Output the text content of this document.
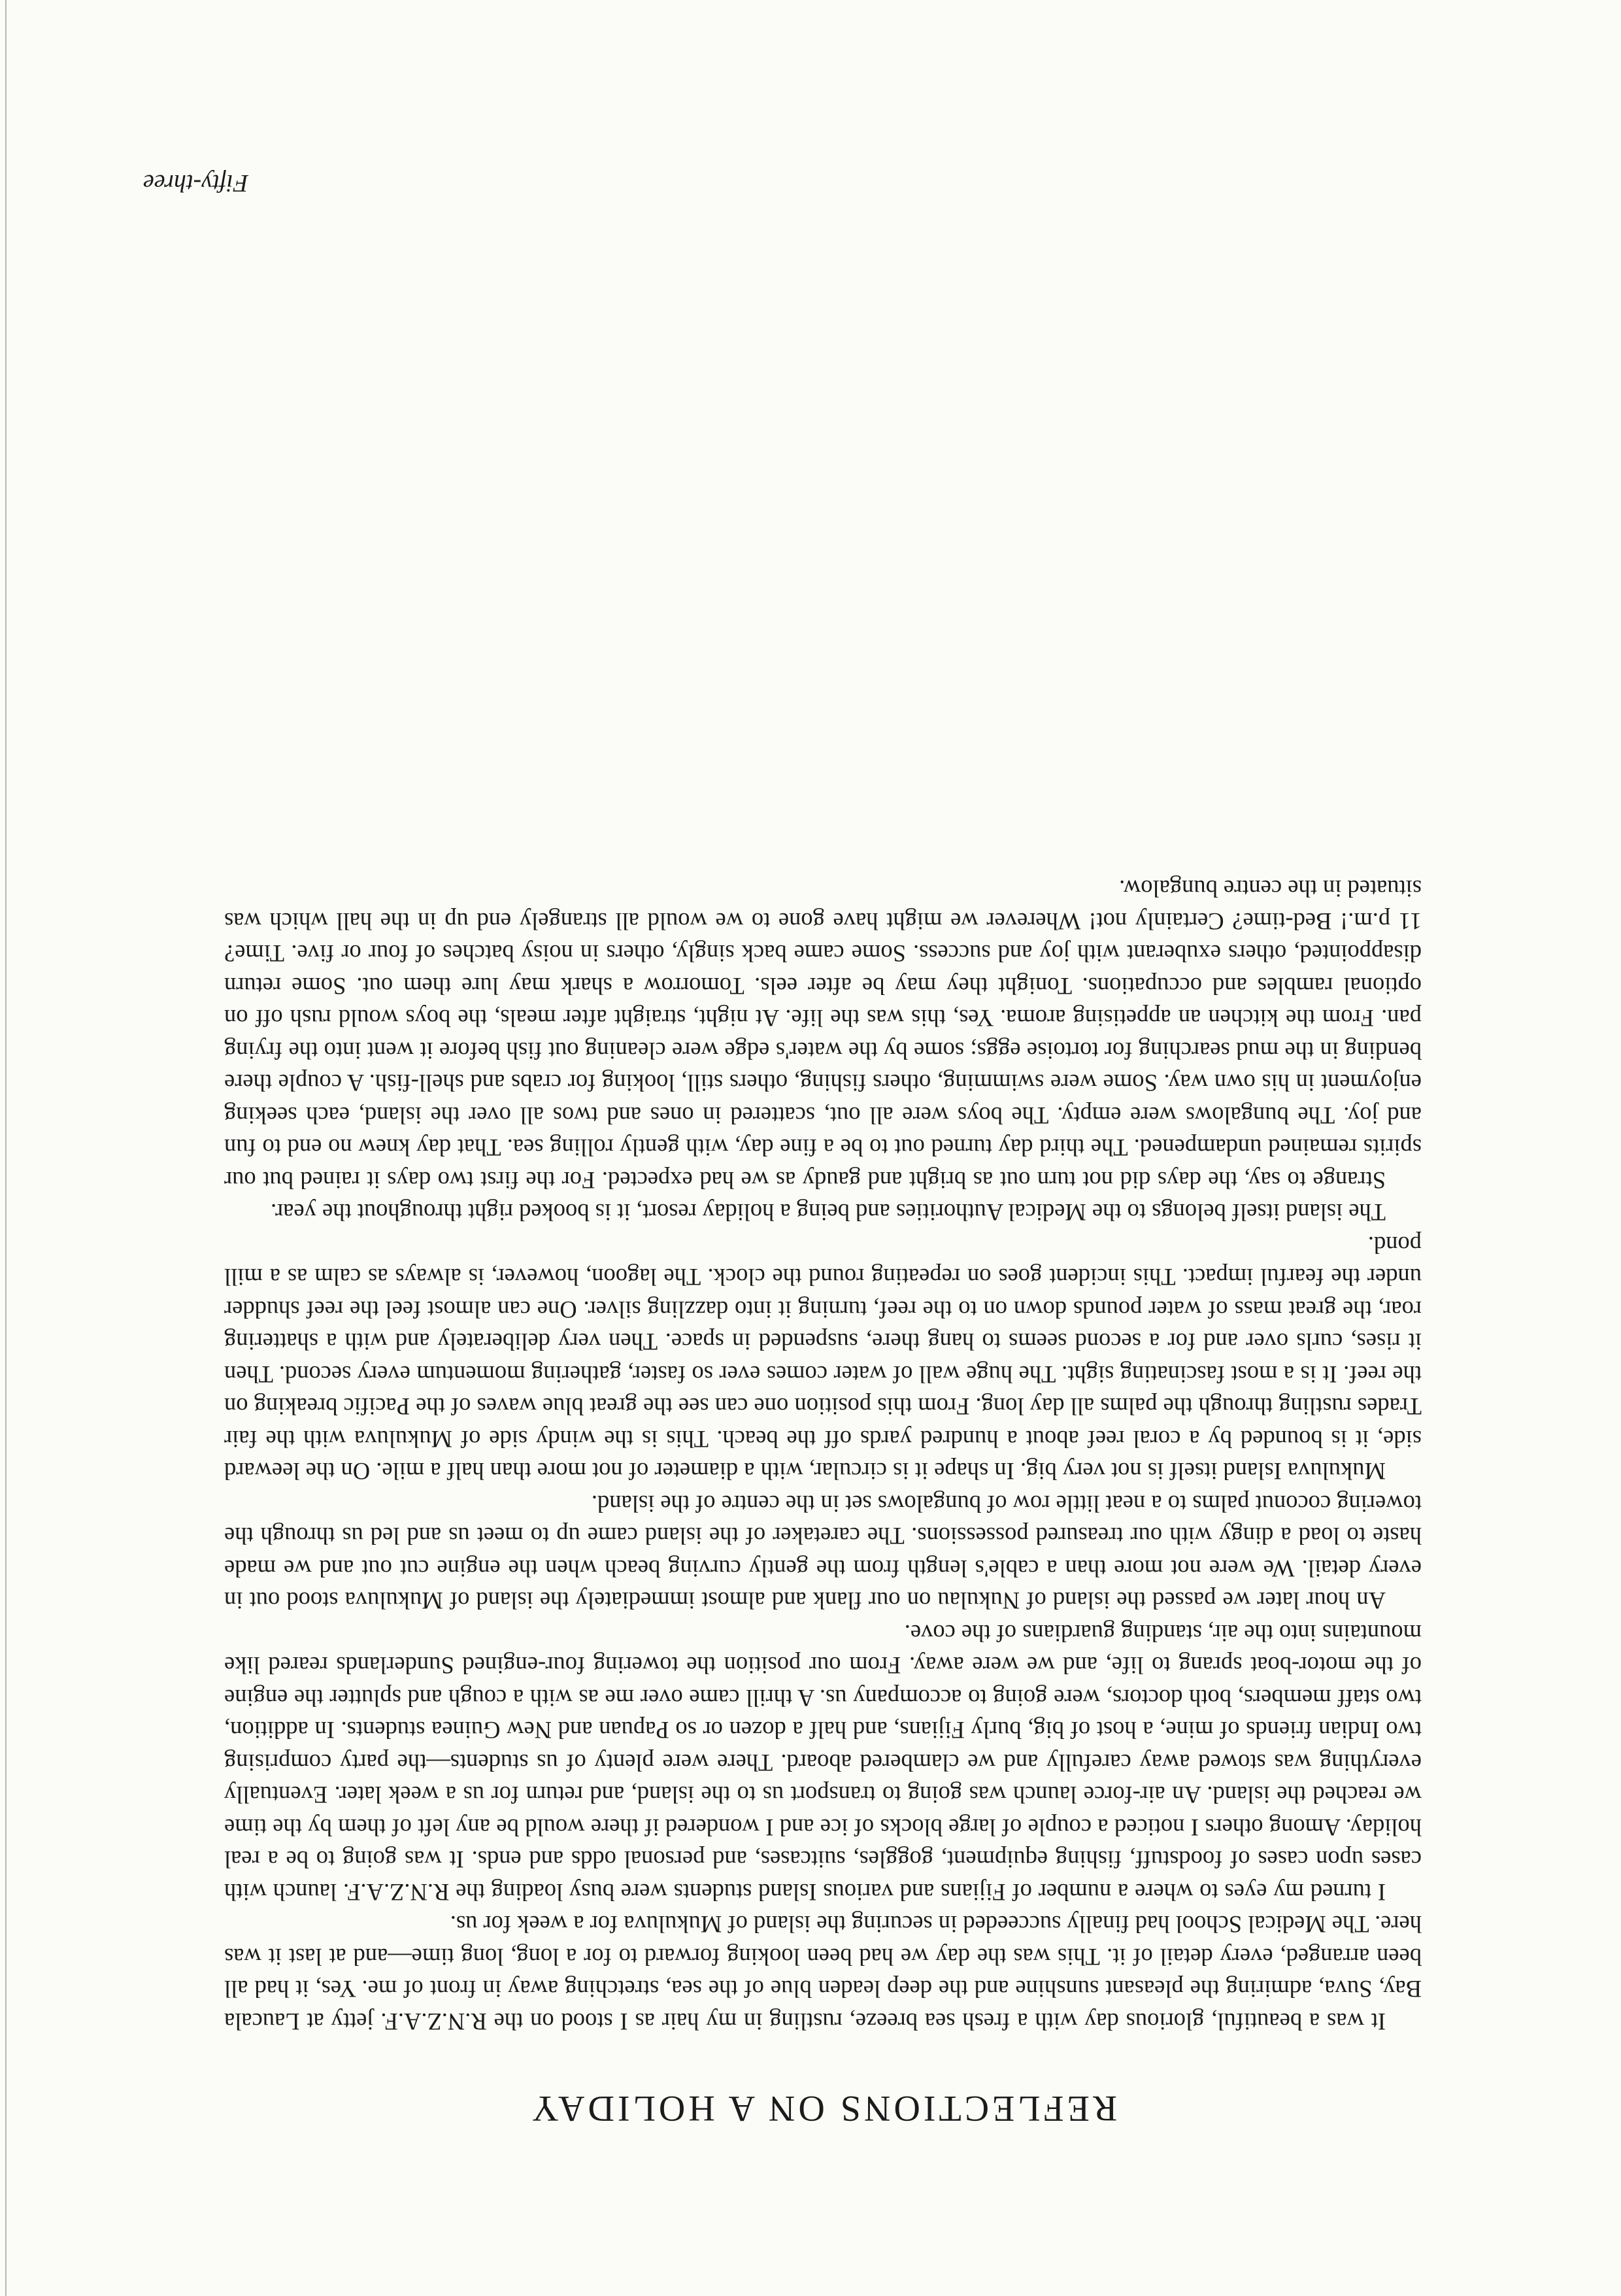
REFLECTIONS ON A HOLIDAY

It was a beautiful, glorious day with a fresh sea breeze, rustling in my hair as I stood on the R.N.Z.A.F. jetty at Laucala Bay, Suva, admiring the pleasant sunshine and the deep leaden blue of the sea, stretching away in front of me. Yes, it had all been arranged, every detail of it. This was the day we had been looking forward to for a long, long time—and at last it was here. The Medical School had finally succeeded in securing the island of Mukuluva for a week for us.

I turned my eyes to where a number of Fijians and various Island students were busy loading the R.N.Z.A.F. launch with cases upon cases of foodstuff, fishing equipment, goggles, suitcases, and personal odds and ends. It was going to be a real holiday. Among others I noticed a couple of large blocks of ice and I wondered if there would be any left of them by the time we reached the island. An air-force launch was going to transport us to the island, and return for us a week later. Eventually everything was stowed away carefully and we clambered aboard. There were plenty of us students—the party comprising two Indian friends of mine, a host of big, burly Fijians, and half a dozen or so Papuan and New Guinea students. In addition, two staff members, both doctors, were going to accompany us. A thrill came over me as with a cough and splutter the engine of the motor-boat sprang to life, and we were away. From our position the towering four-engined Sunderlands reared like mountains into the air, standing guardians of the cove.

An hour later we passed the island of Nukulau on our flank and almost immediately the island of Mukuluva stood out in every detail. We were not more than a cable's length from the gently curving beach when the engine cut out and we made haste to load a dingy with our treasured possessions. The caretaker of the island came up to meet us and led us through the towering coconut palms to a neat little row of bungalows set in the centre of the island.

Mukuluva Island itself is not very big. In shape it is circular, with a diameter of not more than half a mile. On the leeward side, it is bounded by a coral reef about a hundred yards off the beach. This is the windy side of Mukuluva with the fair Trades rustling through the palms all day long. From this position one can see the great blue waves of the Pacific breaking on the reef. It is a most fascinating sight. The huge wall of water comes ever so faster, gathering momentum every second. Then it rises, curls over and for a second seems to hang there, suspended in space. Then very deliberately and with a shattering roar, the great mass of water pounds down on to the reef, turning it into dazzling silver. One can almost feel the reef shudder under the fearful impact. This incident goes on repeating round the clock. The lagoon, however, is always as calm as a mill pond.

The island itself belongs to the Medical Authorities and being a holiday resort, it is booked right throughout the year.

Strange to say, the days did not turn out as bright and gaudy as we had expected. For the first two days it rained but our spirits remained undampened. The third day turned out to be a fine day, with gently rolling sea. That day knew no end to fun and joy. The bungalows were empty. The boys were all out, scattered in ones and twos all over the island, each seeking enjoyment in his own way. Some were swimming, others fishing, others still, looking for crabs and shell-fish. A couple there bending in the mud searching for tortoise eggs; some by the water's edge were cleaning out fish before it went into the frying pan. From the kitchen an appetising aroma. Yes, this was the life. At night, straight after meals, the boys would rush off on optional rambles and occupations. Tonight they may be after eels. Tomorrow a shark may lure them out. Some return disappointed, others exuberant with joy and success. Some came back singly, others in noisy batches of four or five. Time? 11 p.m.! Bed-time? Certainly not! Wherever we might have gone to we would all strangely end up in the hall which was situated in the centre bungalow.

Fifty-three
